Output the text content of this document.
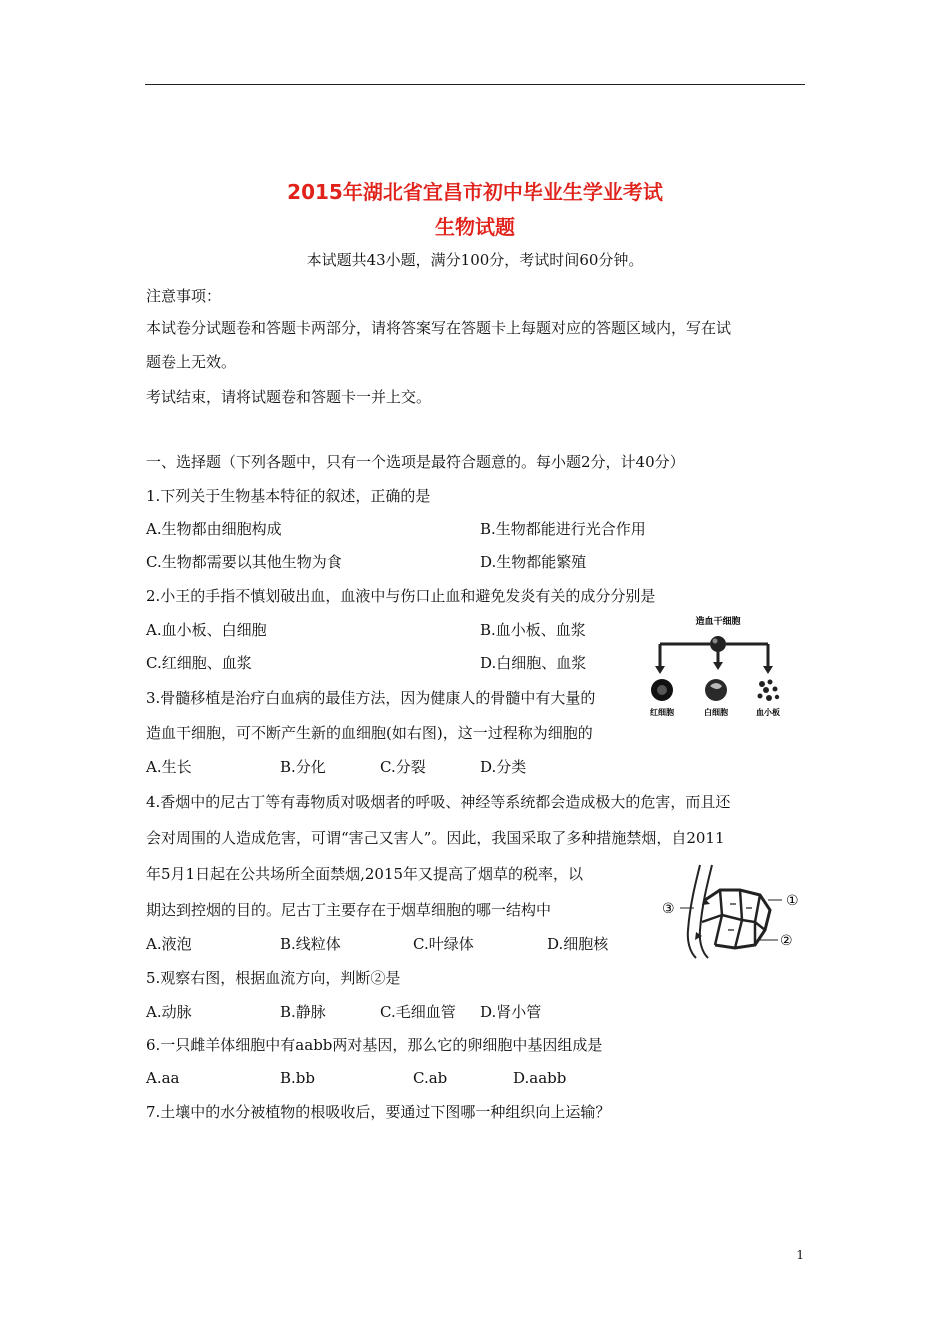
2015年湖北省宜昌市初中毕业生学业考试
生物试题
本试题共43小题，满分100分，考试时间60分钟。
注意事项：
本试卷分试题卷和答题卡两部分，请将答案写在答题卡上每题对应的答题区域内，写在试
题卷上无效。
考试结束，请将试题卷和答题卡一并上交。
一、选择题（下列各题中，只有一个选项是最符合题意的。每小题2分，计40分）
1.下列关于生物基本特征的叙述，正确的是
A.生物都由细胞构成	B.生物都能进行光合作用
C.生物都需要以其他生物为食	D.生物都能繁殖
2.小王的手指不慎划破出血，血液中与伤口止血和避免发炎有关的成分分别是
A.血小板、白细胞	B.血小板、血浆
C.红细胞、血浆	D.白细胞、血浆
3.骨髓移植是治疗白血病的最佳方法，因为健康人的骨髓中有大量的
造血干细胞，可不断产生新的血细胞(如右图)，这一过程称为细胞的
A.生长	B.分化	C.分裂	D.分类
4.香烟中的尼古丁等有毒物质对吸烟者的呼吸、神经等系统都会造成极大的危害，而且还
会对周围的人造成危害，可谓“害己又害人”。因此，我国采取了多种措施禁烟，自2011
年5月1日起在公共场所全面禁烟,2015年又提高了烟草的税率，以
期达到控烟的目的。尼古丁主要存在于烟草细胞的哪一结构中
A.液泡	B.线粒体	C.叶绿体	D.细胞核
5.观察右图，根据血流方向，判断②是
A.动脉	B.静脉	C.毛细血管 D.肾小管
6.一只雌羊体细胞中有aabb两对基因，那么它的卵细胞中基因组成是
A.aa	B.bb	C.ab	D.aabb
7.土壤中的水分被植物的根吸收后，要通过下图哪一种组织向上运输？
造血干细胞
红细胞	白细胞	血小板
①
②
③
1
